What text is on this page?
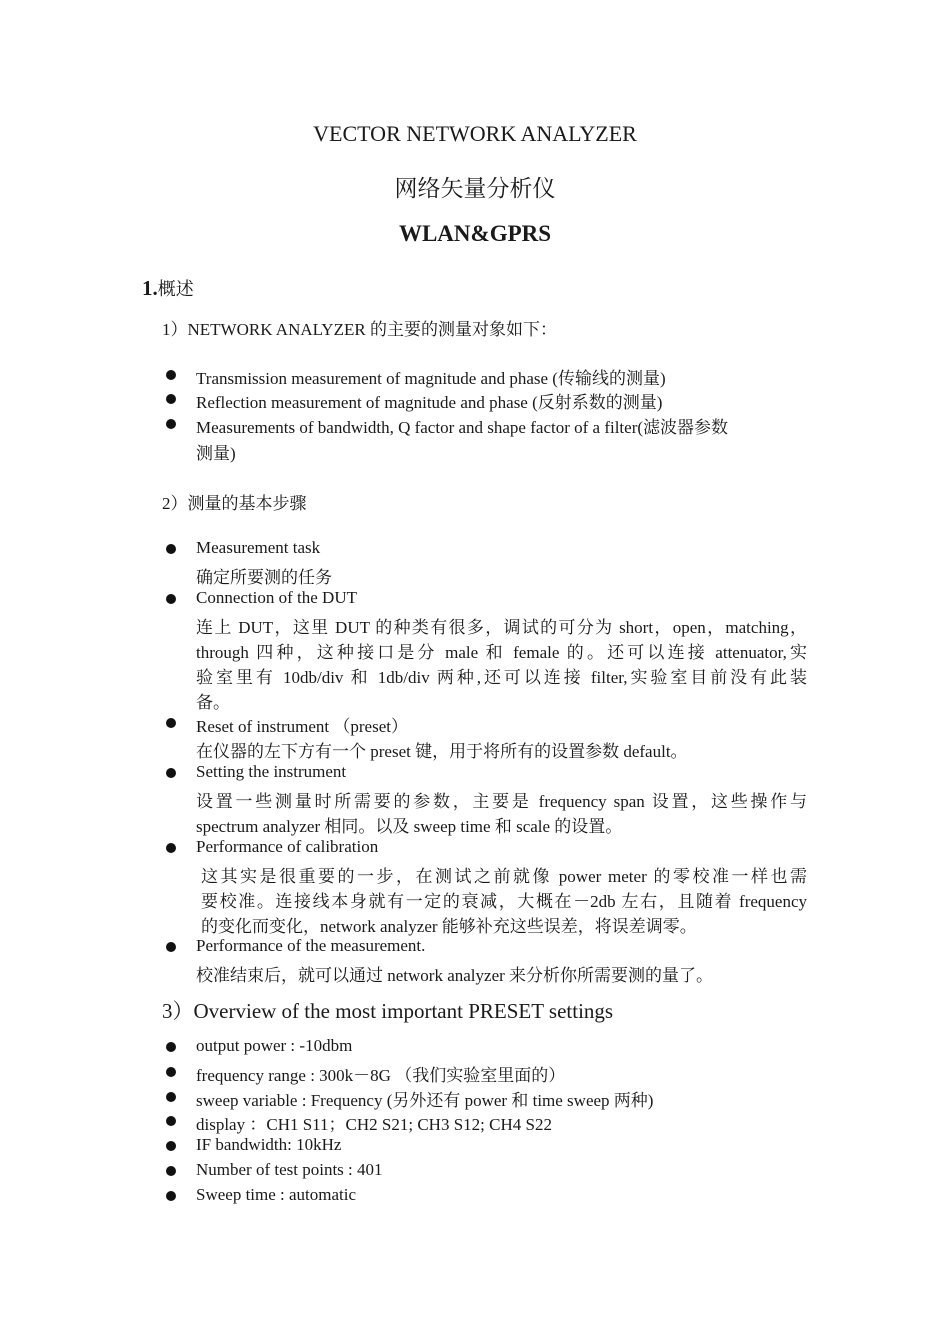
VECTOR NETWORK ANALYZER
网络矢量分析仪
WLAN&GPRS
1.概述
1）NETWORK ANALYZER 的主要的测量对象如下：
Transmission measurement of magnitude and phase (传输线的测量)
Reflection measurement of magnitude and phase (反射系数的测量)
Measurements of bandwidth, Q factor and shape factor of a filter(滤波器参数
测量)
2）测量的基本步骤
Measurement task
确定所要测的任务
Connection of the DUT
连上 DUT，这里 DUT 的种类有很多，调试的可分为 short，open，matching，
through 四种，这种接口是分 male 和 female 的。还可以连接 attenuator,实
验室里有 10db/div 和 1db/div 两种,还可以连接 filter,实验室目前没有此装
备。
Reset of instrument （preset）
在仪器的左下方有一个 preset 键，用于将所有的设置参数 default。
Setting the instrument
设置一些测量时所需要的参数，主要是 frequency span 设置，这些操作与
spectrum analyzer 相同。以及 sweep time 和 scale 的设置。
Performance of calibration
这其实是很重要的一步，在测试之前就像 power meter 的零校准一样也需
要校准。连接线本身就有一定的衰减，大概在－2db 左右，且随着 frequency
的变化而变化，network analyzer 能够补充这些误差，将误差调零。
Performance of the measurement.
校准结束后，就可以通过 network analyzer 来分析你所需要测的量了。
3）Overview of the most important PRESET settings
output power : -10dbm
frequency range : 300k－8G （我们实验室里面的）
sweep variable : Frequency (另外还有 power 和 time sweep 两种)
display ：CH1 S11；CH2 S21; CH3 S12; CH4 S22
IF bandwidth: 10kHz
Number of test points : 401
Sweep time : automatic
